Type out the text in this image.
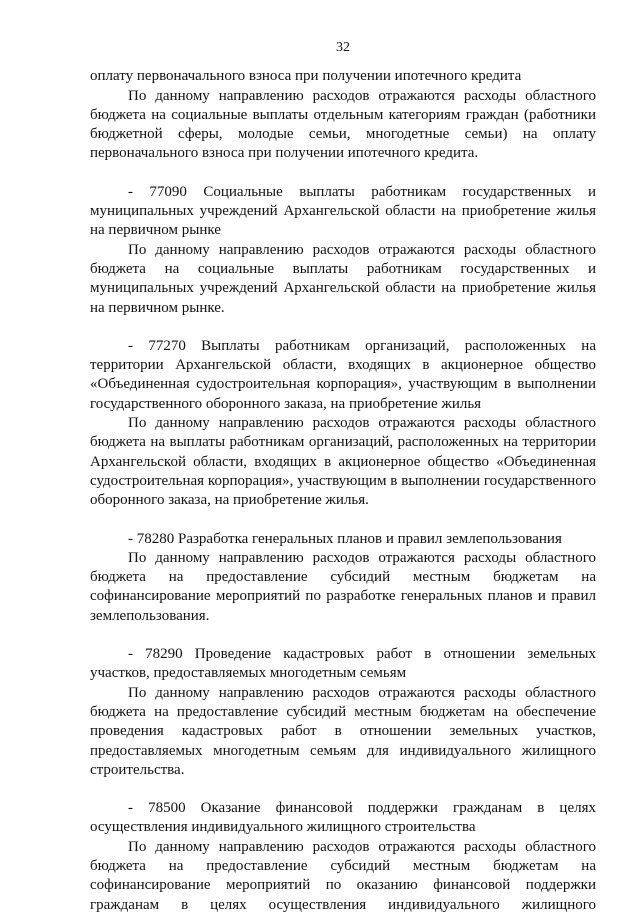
32

оплату первоначального взноса при получении ипотечного кредита

По данному направлению расходов отражаются расходы областного бюджета на социальные выплаты отдельным категориям граждан (работники бюджетной сферы, молодые семьи, многодетные семьи) на оплату первоначального взноса при получении ипотечного кредита.

- 77090 Социальные выплаты работникам государственных и муниципальных учреждений Архангельской области на приобретение жилья на первичном рынке

По данному направлению расходов отражаются расходы областного бюджета на социальные выплаты работникам государственных и муниципальных учреждений Архангельской области на приобретение жилья на первичном рынке.

- 77270 Выплаты работникам организаций, расположенных на территории Архангельской области, входящих в акционерное общество «Объединенная судостроительная корпорация», участвующим в выполнении государственного оборонного заказа, на приобретение жилья

По данному направлению расходов отражаются расходы областного бюджета на выплаты работникам организаций, расположенных на территории Архангельской области, входящих в акционерное общество «Объединенная судостроительная корпорация», участвующим в выполнении государственного оборонного заказа, на приобретение жилья.

- 78280 Разработка генеральных планов и правил землепользования

По данному направлению расходов отражаются расходы областного бюджета на предоставление субсидий местным бюджетам на софинансирование мероприятий по разработке генеральных планов и правил землепользования.

- 78290 Проведение кадастровых работ в отношении земельных участков, предоставляемых многодетным семьям

По данному направлению расходов отражаются расходы областного бюджета на предоставление субсидий местным бюджетам на обеспечение проведения кадастровых работ в отношении земельных участков, предоставляемых многодетным семьям для индивидуального жилищного строительства.

- 78500 Оказание финансовой поддержки гражданам в целях осуществления индивидуального жилищного строительства

По данному направлению расходов отражаются расходы областного бюджета на предоставление субсидий местным бюджетам на софинансирование мероприятий по оказанию финансовой поддержки гражданам в целях осуществления индивидуального жилищного
